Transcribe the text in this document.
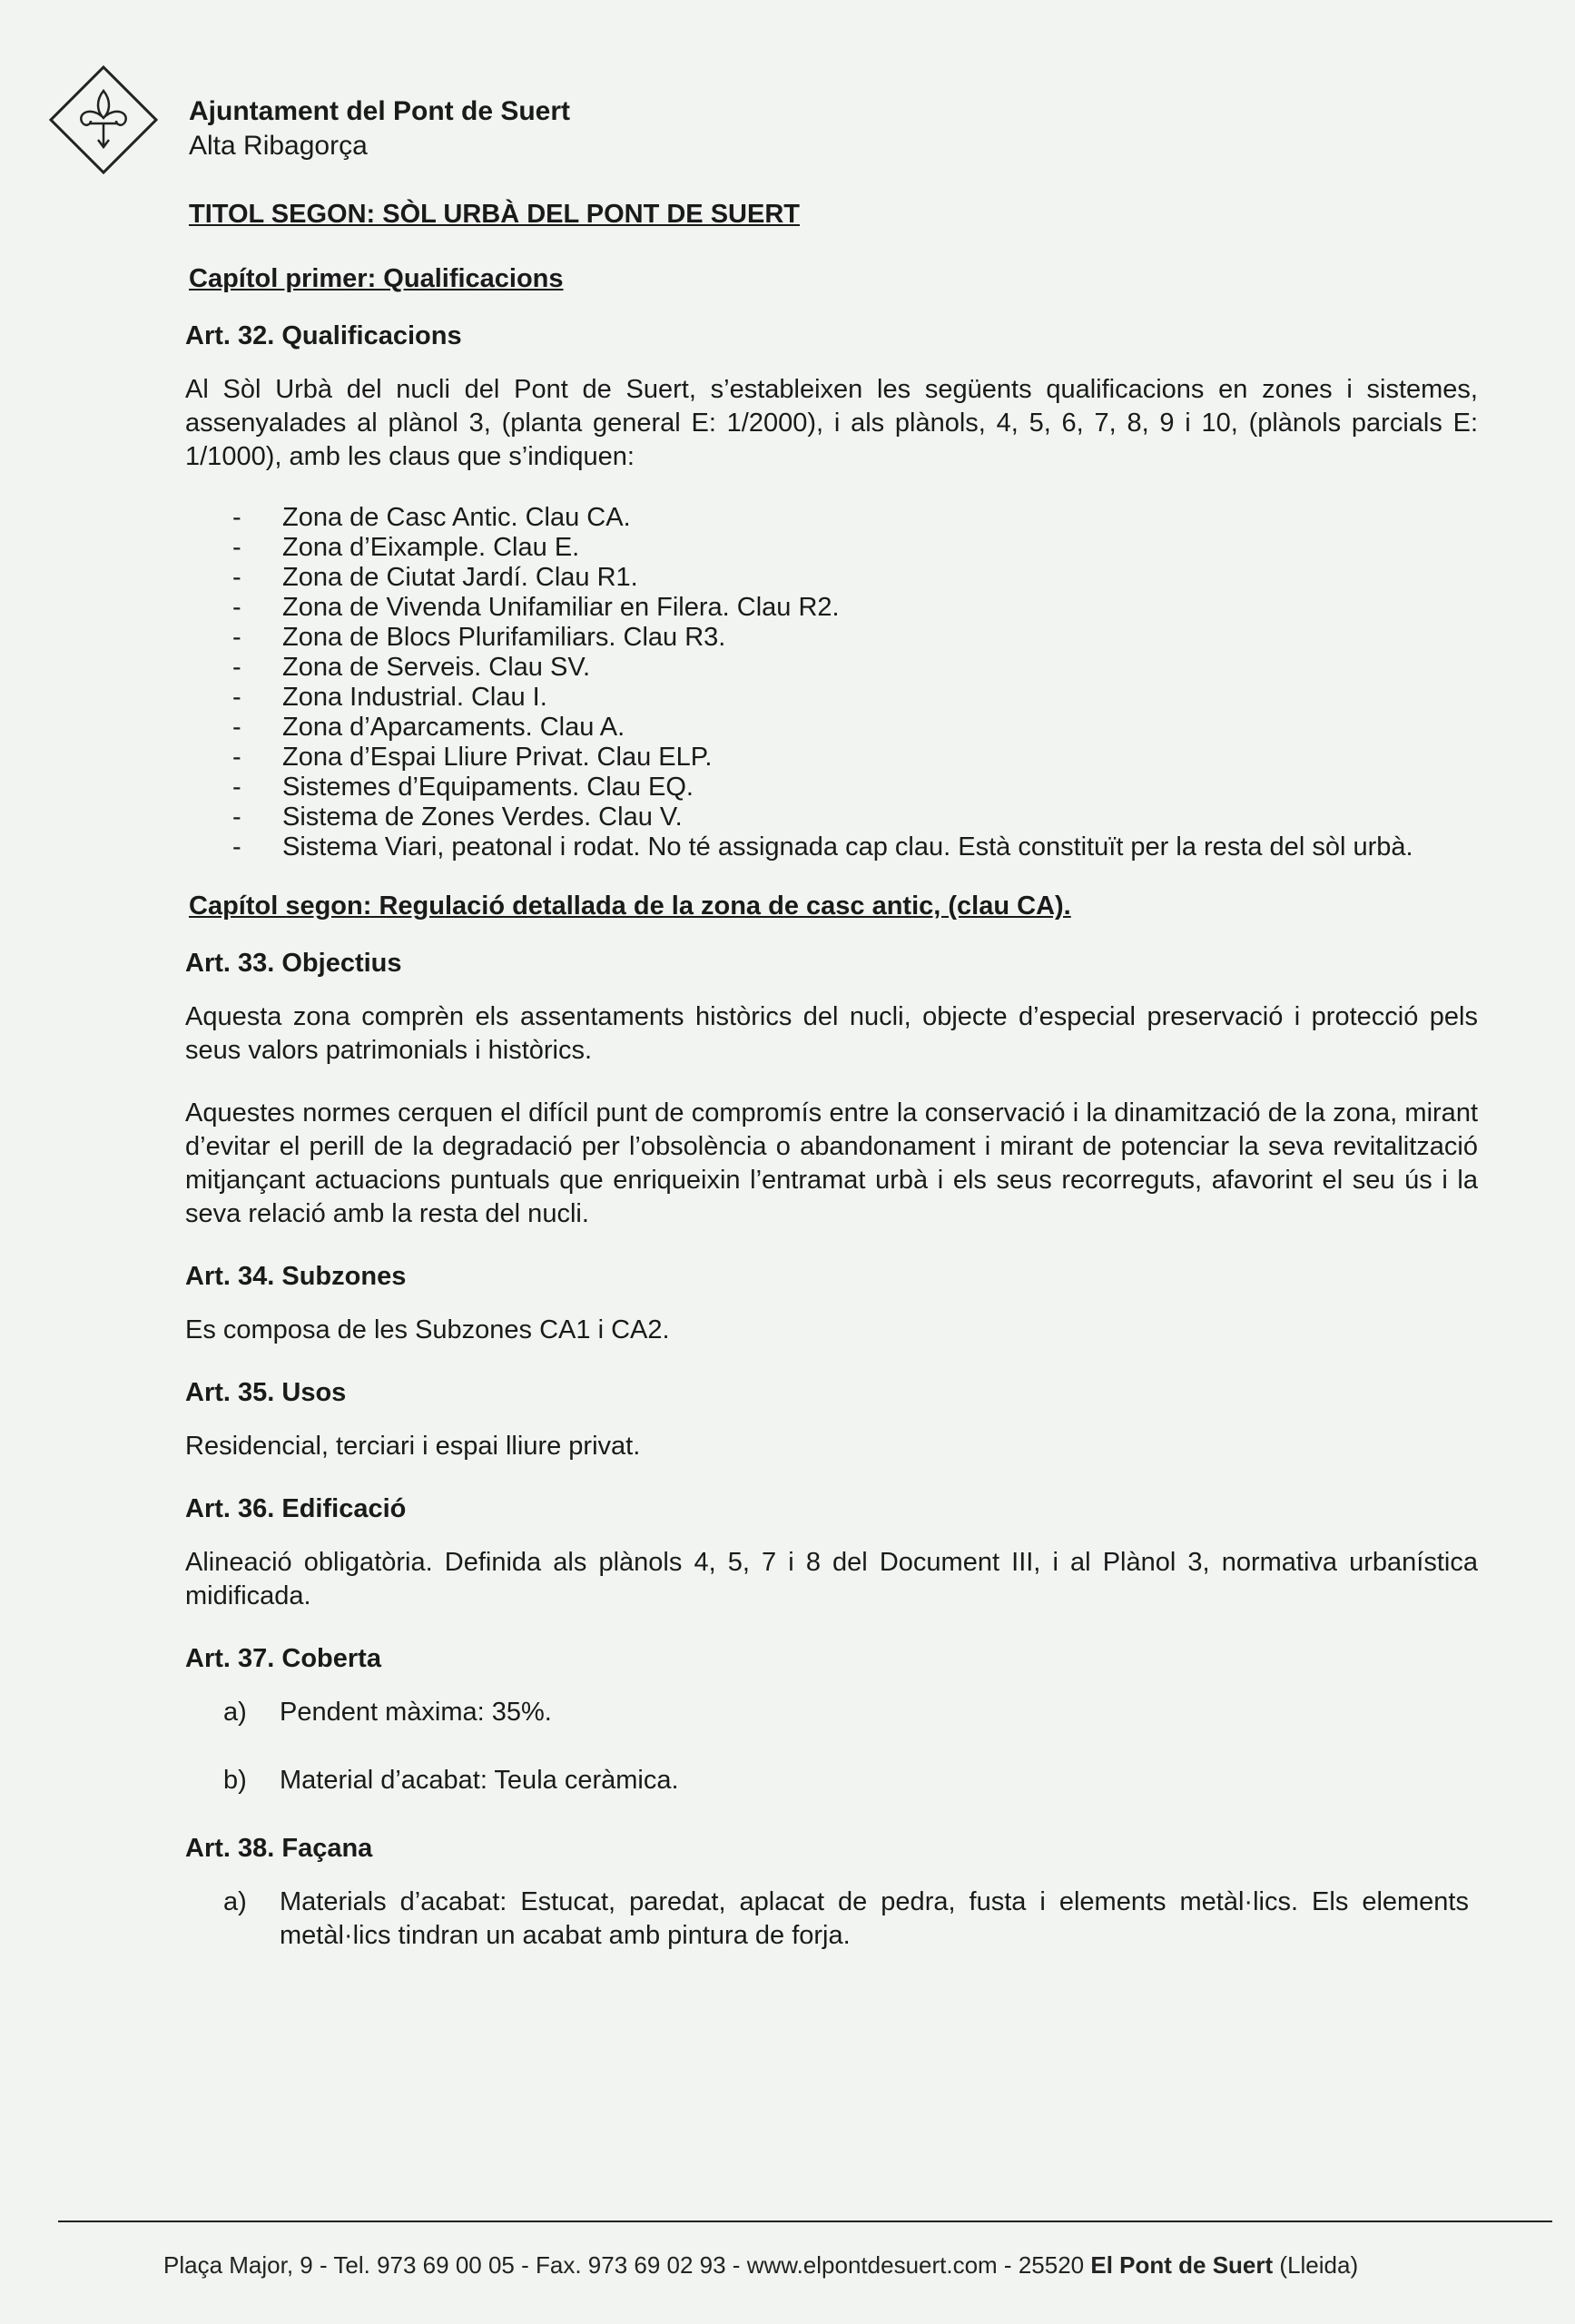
Ajuntament del Pont de Suert
Alta Ribagorça
TITOL SEGON: SÒL URBÀ DEL PONT DE SUERT
Capítol primer: Qualificacions
Art. 32. Qualificacions
Al Sòl Urbà del nucli del Pont de Suert, s’estableixen les següents qualificacions en zones i sistemes, assenyalades al plànol 3, (planta general E: 1/2000), i als plànols, 4, 5, 6, 7, 8, 9 i 10, (plànols parcials E: 1/1000), amb les claus que s’indiquen:
- Zona de Casc Antic. Clau CA.
- Zona d’Eixample. Clau E.
- Zona de Ciutat Jardí. Clau R1.
- Zona de Vivenda Unifamiliar en Filera. Clau R2.
- Zona de Blocs Plurifamiliars. Clau R3.
- Zona de Serveis. Clau SV.
- Zona Industrial. Clau I.
- Zona d’Aparcaments. Clau A.
- Zona d’Espai Lliure Privat. Clau ELP.
- Sistemes d’Equipaments. Clau EQ.
- Sistema de Zones Verdes. Clau V.
- Sistema Viari, peatonal i rodat. No té assignada cap clau. Està constituït per la resta del sòl urbà.
Capítol segon: Regulació detallada de la zona de casc antic, (clau CA).
Art. 33. Objectius
Aquesta zona comprèn els assentaments històrics del nucli, objecte d’especial preservació i protecció pels seus valors patrimonials i històrics.
Aquestes normes cerquen el difícil punt de compromís entre la conservació i la dinamització de la zona, mirant d’evitar el perill de la degradació per l’obsolència o abandonament i mirant de potenciar la seva revitalització mitjançant actuacions puntuals que enriqueixin l’entramat urbà i els seus recorreguts, afavorint el seu ús i la seva relació amb la resta del nucli.
Art. 34. Subzones
Es composa de les Subzones CA1 i CA2.
Art. 35. Usos
Residencial, terciari i espai lliure privat.
Art. 36. Edificació
Alineació obligatòria. Definida als plànols 4, 5, 7 i 8 del Document III, i al Plànol 3, normativa urbanística midificada.
Art. 37. Coberta
a) Pendent màxima: 35%.
b) Material d’acabat: Teula ceràmica.
Art. 38. Façana
a) Materials d’acabat: Estucat, paredat, aplacat de pedra, fusta i elements metàl·lics. Els elements metàl·lics tindran un acabat amb pintura de forja.
Plaça Major, 9 - Tel. 973 69 00 05 - Fax. 973 69 02 93 - www.elpontdesuert.com - 25520 El Pont de Suert (Lleida)
